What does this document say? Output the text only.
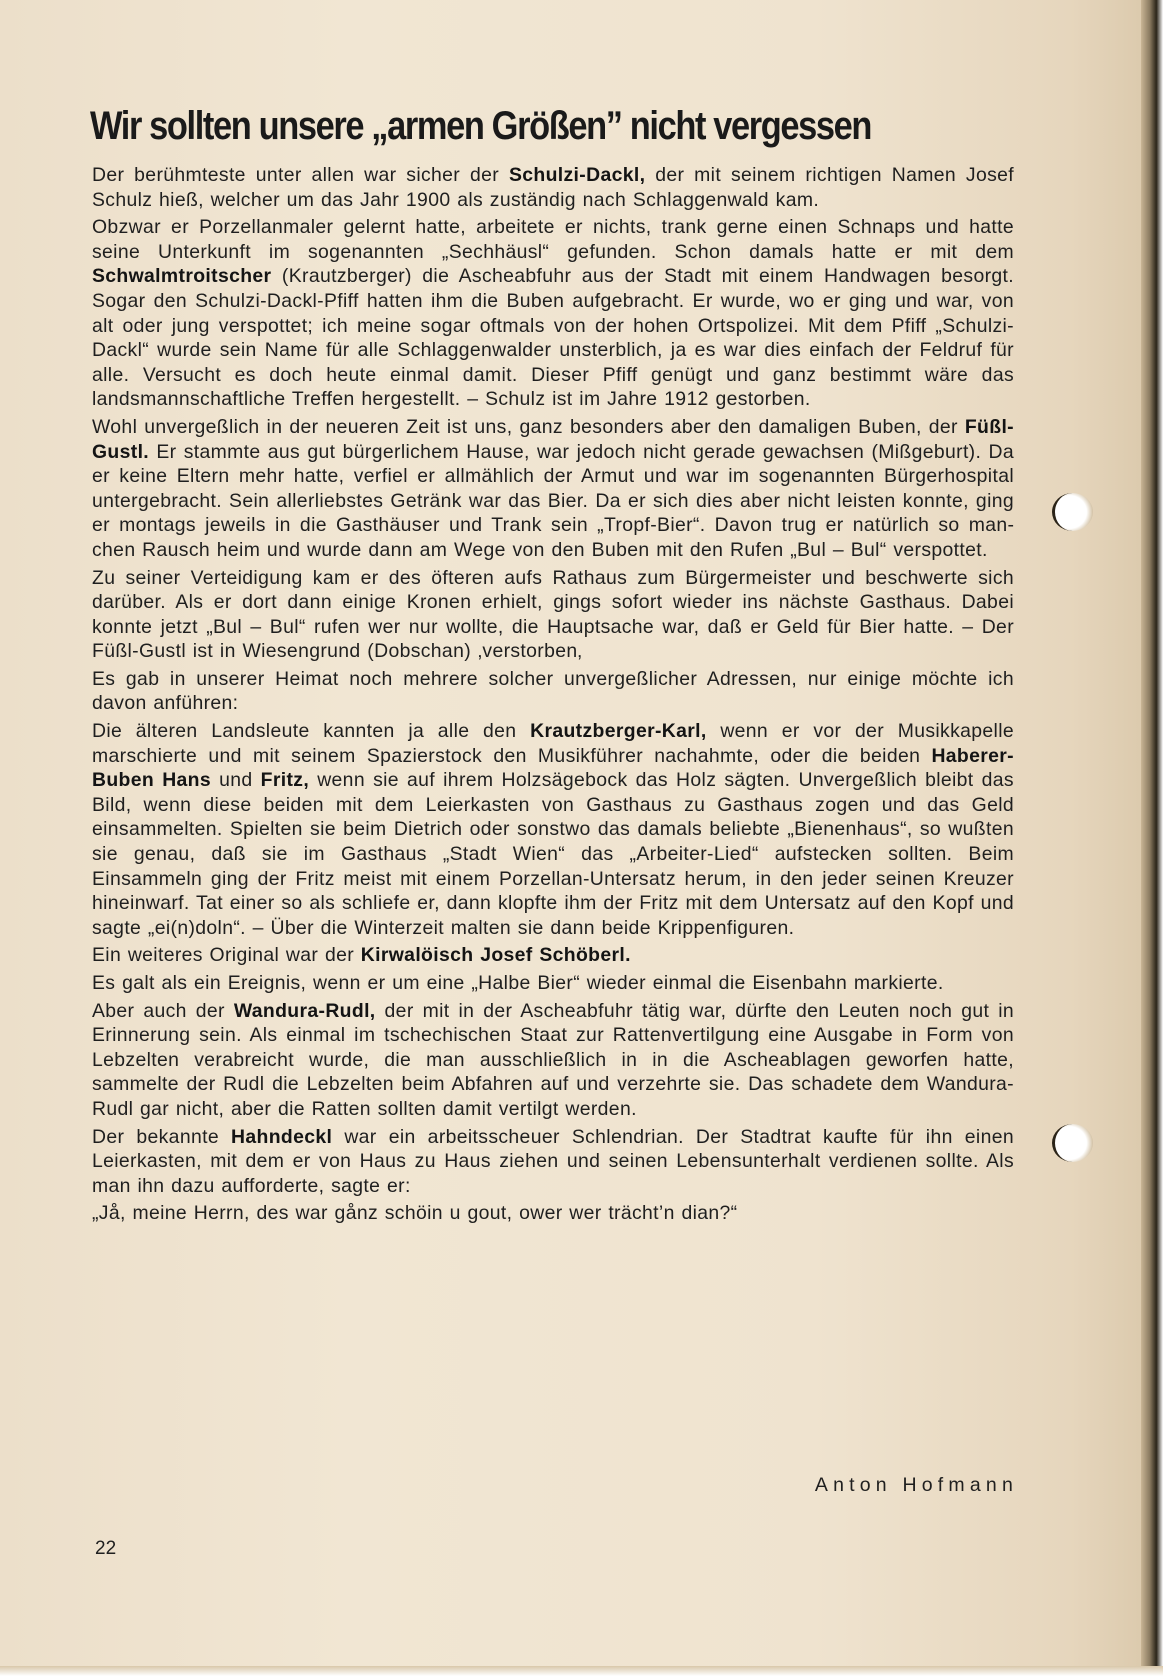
Wir sollten unsere „armen Größen” nicht vergessen

Der berühmteste unter allen war sicher der Schulzi-Dackl, der mit seinem richtigen Namen Josef Schulz hieß, welcher um das Jahr 1900 als zuständig nach Schlaggenwald kam.

Obzwar er Porzellanmaler gelernt hatte, arbeitete er nichts, trank gerne einen Schnaps und hatte seine Unterkunft im sogenannten „Sechhäusl“ gefunden. Schon damals hatte er mit dem Schwalmtroitscher (Krautzberger) die Ascheabfuhr aus der Stadt mit einem Handwagen besorgt. Sogar den Schulzi-Dackl-Pfiff hatten ihm die Buben aufgebracht. Er wurde, wo er ging und war, von alt oder jung verspottet; ich meine sogar oftmals von der hohen Ortspolizei. Mit dem Pfiff „Schulzi-Dackl“ wurde sein Name für alle Schlaggenwalder unsterblich, ja es war dies einfach der Feldruf für alle. Versucht es doch heute einmal damit. Dieser Pfiff genügt und ganz bestimmt wäre das landsmannschaftliche Treffen hergestellt. – Schulz ist im Jahre 1912 gestorben.

Wohl unvergeßlich in der neueren Zeit ist uns, ganz besonders aber den damaligen Buben, der Füßl-Gustl. Er stammte aus gut bürgerlichem Hause, war jedoch nicht gerade gewachsen (Mißgeburt). Da er keine Eltern mehr hatte, verfiel er allmählich der Armut und war im sogenannten Bürgerhospital untergebracht. Sein allerliebstes Getränk war das Bier. Da er sich dies aber nicht leisten konnte, ging er montags jeweils in die Gasthäuser und Trank sein „Tropf-Bier“. Davon trug er natürlich so manchen Rausch heim und wurde dann am Wege von den Buben mit den Rufen „Bul – Bul“ verspottet.

Zu seiner Verteidigung kam er des öfteren aufs Rathaus zum Bürgermeister und beschwerte sich darüber. Als er dort dann einige Kronen erhielt, gings sofort wieder ins nächste Gasthaus. Dabei konnte jetzt „Bul – Bul“ rufen wer nur wollte, die Hauptsache war, daß er Geld für Bier hatte. – Der Füßl-Gustl ist in Wiesengrund (Dobschan) ‚verstorben‚

Es gab in unserer Heimat noch mehrere solcher unvergeßlicher Adressen, nur einige möchte ich davon anführen:

Die älteren Landsleute kannten ja alle den Krautzberger-Karl, wenn er vor der Musikkapelle marschierte und mit seinem Spazierstock den Musikführer nachahmte, oder die beiden Haberer-Buben Hans und Fritz, wenn sie auf ihrem Holzsägebock das Holz sägten. Unvergeßlich bleibt das Bild, wenn diese beiden mit dem Leierkasten von Gasthaus zu Gasthaus zogen und das Geld einsammelten. Spielten sie beim Dietrich oder sonstwo das damals beliebte „Bienenhaus“, so wußten sie genau, daß sie im Gasthaus „Stadt Wien“ das „Arbeiter-Lied“ aufstecken sollten. Beim Einsammeln ging der Fritz meist mit einem Porzellan-Untersatz herum, in den jeder seinen Kreuzer hineinwarf. Tat einer so als schliefe er, dann klopfte ihm der Fritz mit dem Untersatz auf den Kopf und sagte „ei(n)doln“. – Über die Winterzeit malten sie dann beide Krippenfiguren.

Ein weiteres Original war der Kirwalöisch Josef Schöberl.

Es galt als ein Ereignis, wenn er um eine „Halbe Bier“ wieder einmal die Eisenbahn markierte.

Aber auch der Wandura-Rudl, der mit in der Ascheabfuhr tätig war, dürfte den Leuten noch gut in Erinnerung sein. Als einmal im tschechischen Staat zur Rattenvertilgung eine Ausgabe in Form von Lebzelten verabreicht wurde, die man ausschließlich in in die Ascheablagen geworfen hatte, sammelte der Rudl die Lebzelten beim Abfahren auf und verzehrte sie. Das schadete dem Wandura-Rudl gar nicht, aber die Ratten sollten damit vertilgt werden.

Der bekannte Hahndeckl war ein arbeitsscheuer Schlendrian. Der Stadtrat kaufte für ihn einen Leierkasten, mit dem er von Haus zu Haus ziehen und seinen Lebensunterhalt verdienen sollte. Als man ihn dazu aufforderte, sagte er:

„Jå, meine Herrn, des war gånz schöin u gout, ower wer trächt’n dian?“

Anton Hofmann
22
